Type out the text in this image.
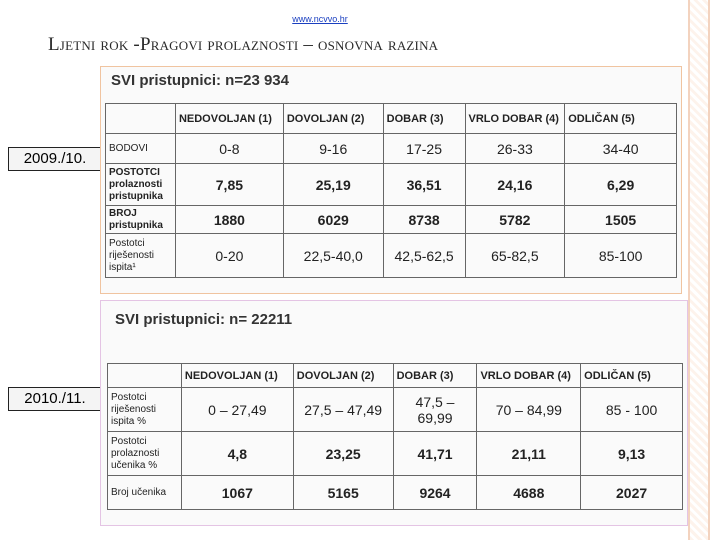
www.ncvvo.hr
Ljetni rok -Pragovi prolaznosti – osnovna razina
2009./10.
2010./11.
SVI pristupnici: n=23 934
	NEDOVOLJAN (1)	DOVOLJAN (2)	DOBAR (3)	VRLO DOBAR (4)	ODLIČAN (5)
BODOVI	0-8	9-16	17-25	26-33	34-40
POSTOTCI prolaznosti pristupnika	7,85	25,19	36,51	24,16	6,29
BROJ pristupnika	1880	6029	8738	5782	1505
Postotci riješenosti ispita¹	0-20	22,5-40,0	42,5-62,5	65-82,5	85-100
SVI pristupnici: n= 22211
	NEDOVOLJAN (1)	DOVOLJAN (2)	DOBAR (3)	VRLO DOBAR (4)	ODLIČAN (5)
Postotci riješenosti ispita %	0 – 27,49	27,5 – 47,49	47,5 – 69,99	70 – 84,99	85 - 100
Postotci prolaznosti učenika %	4,8	23,25	41,71	21,11	9,13
Broj učenika	1067	5165	9264	4688	2027
